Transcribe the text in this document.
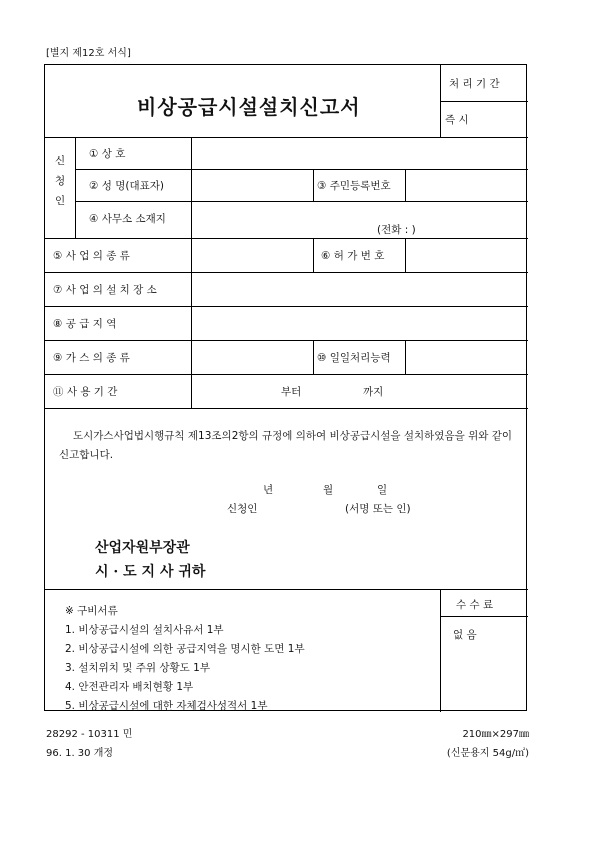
[별지 제12호 서식]
비상공급시설설치신고서
처 리 기 간
즉 시
신
청
인
① 상 호
② 성 명(대표자)	③ 주민등록번호
④ 사무소 소재지
(전화 : )
⑤ 사 업 의 종 류	⑥ 허 가 번 호
⑦ 사 업 의 설 치 장 소
⑧ 공 급 지 역
⑨ 가 스 의 종 류	⑩ 일일처리능력
⑪ 사 용 기 간	부터	까지
도시가스사업법시행규칙 제13조의2항의 규정에 의하여 비상공급시설을 설치하였음을 위와 같이 신고합니다.
년	월	일
신청인	(서명 또는 인)
산업자원부장관
시 · 도 지 사 귀하
수 수 료
없 음
※ 구비서류
1. 비상공급시설의 설치사유서 1부
2. 비상공급시설에 의한 공급지역을 명시한 도면 1부
3. 설치위치 및 주위 상황도 1부
4. 안전관리자 배치현황 1부
5. 비상공급시설에 대한 자체검사성적서 1부
28292 - 10311 민
96. 1. 30 개정
210㎜×297㎜
(신문용지 54g/㎡)
